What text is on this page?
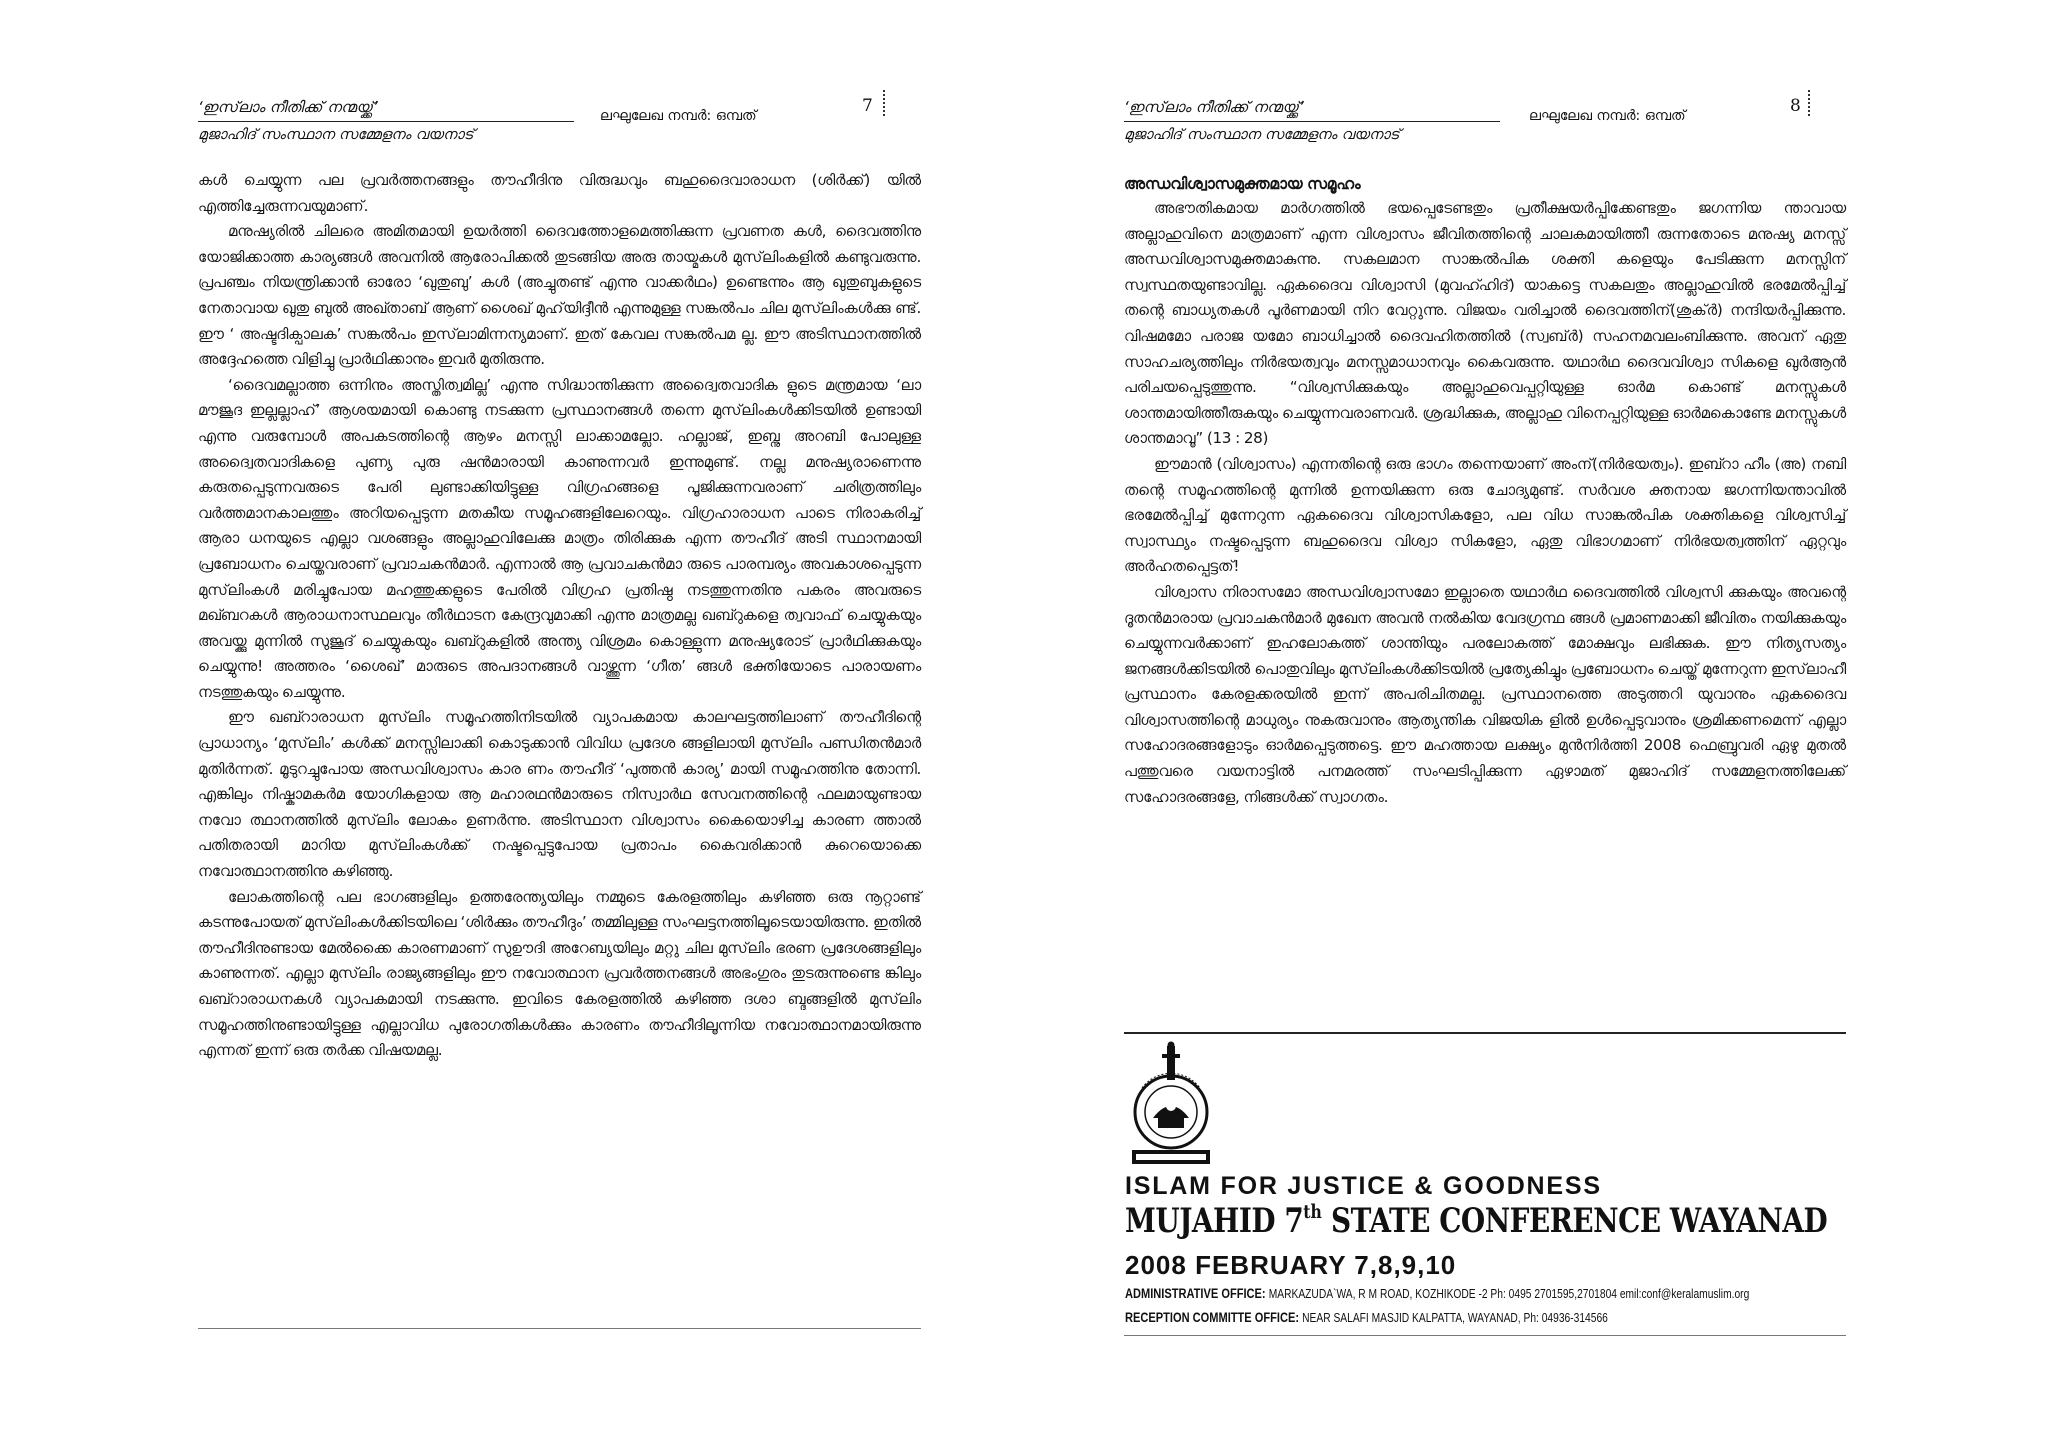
‘ഇസ്‌ലാം നീതിക്ക് നന്മയ്ക്ക്’
മുജാഹിദ് സംസ്ഥാന സമ്മേളനം വയനാട്
ലഘുലേഖ നമ്പർ: ഒമ്പത്	7

കൾ ചെയ്യുന്ന പല പ്രവർത്തനങ്ങളും തൗഹീദിനു വിരുദ്ധവും ബഹുദൈവാരാധന (ശിർക്ക്) യിൽ എത്തിച്ചേരുന്നവയുമാണ്.

മനുഷ്യരിൽ ചിലരെ അമിതമായി ഉയർത്തി ദൈവത്തോളമെത്തിക്കുന്ന പ്രവണത കൾ, ദൈവത്തിനു യോജിക്കാത്ത കാര്യങ്ങൾ അവനിൽ ആരോപിക്കൽ തുടങ്ങിയ അരു തായ്മകൾ മുസ്‌ലിംകളിൽ കണ്ടുവരുന്നു. പ്രപഞ്ചം നിയന്ത്രിക്കാൻ ഓരോ ‘ഖുതുബു’ കൾ (അച്ചുതണ്ട് എന്നു വാക്കർഥം) ഉണ്ടെന്നും ആ ഖുതുബുകളുടെ നേതാവായ ഖുതു ബുൽ അഖ്താബ് ആണ് ശൈഖ് മുഹ്‌യിദ്ദീൻ എന്നുമുള്ള സങ്കൽപം ചില മുസ്‌ലിംകൾക്കു ണ്ട്. ഈ ‘ അഷ്ടദിക്പാലക’ സങ്കൽപം ഇസ്‌ലാമിന്നന്യമാണ്. ഇത് കേവല സങ്കൽപമ ല്ല. ഈ അടിസ്ഥാനത്തിൽ അദ്ദേഹത്തെ വിളിച്ചു പ്രാർഥിക്കാനും ഇവർ മുതിരുന്നു.

‘ദൈവമല്ലാത്ത ഒന്നിനും അസ്തിത്വമില്ല’ എന്നു സിദ്ധാന്തിക്കുന്ന അദ്വൈതവാദിക ളുടെ മന്ത്രമായ ‘ലാ മൗജൂദ ഇല്ലല്ലാഹ്’ ആശയമായി കൊണ്ടു നടക്കുന്ന പ്രസ്ഥാനങ്ങൾ തന്നെ മുസ്‌ലിംകൾക്കിടയിൽ ഉണ്ടായി എന്നു വരുമ്പോൾ അപകടത്തിന്റെ ആഴം മനസ്സി ലാക്കാമല്ലോ. ഹല്ലാജ്, ഇബ്നു അറബി പോലുള്ള അദ്വൈതവാദികളെ പുണ്യ പുരു ഷൻമാരായി കാണുന്നവർ ഇന്നുമുണ്ട്. നല്ല മനുഷ്യരാണെന്നു കരുതപ്പെടുന്നവരുടെ പേരി ലുണ്ടാക്കിയിട്ടുള്ള വിഗ്രഹങ്ങളെ പൂജിക്കുന്നവരാണ് ചരിത്രത്തിലും വർത്തമാനകാലത്തും അറിയപ്പെടുന്ന മതകീയ സമൂഹങ്ങളിലേറെയും. വിഗ്രഹാരാധന പാടെ നിരാകരിച്ച് ആരാ ധനയുടെ എല്ലാ വശങ്ങളും അല്ലാഹുവിലേക്കു മാത്രം തിരിക്കുക എന്ന തൗഹീദ് അടി സ്ഥാനമായി പ്രബോധനം ചെയ്തവരാണ് പ്രവാചകൻമാർ. എന്നാൽ ആ പ്രവാചകൻമാ രുടെ പാരമ്പര്യം അവകാശപ്പെടുന്ന മുസ്‌ലിംകൾ മരിച്ചുപോയ മഹത്തുക്കളുടെ പേരിൽ വിഗ്രഹ പ്രതിഷ്ഠ നടത്തുന്നതിനു പകരം അവരുടെ മഖ്ബറകൾ ആരാധനാസ്ഥലവും തീർഥാടന കേന്ദ്രവുമാക്കി എന്നു മാത്രമല്ല ഖബ്റുകളെ ത്വവാഫ് ചെയ്യുകയും അവയ്ക്കു മുന്നിൽ സുജൂദ് ചെയ്യുകയും ഖബ്റുകളിൽ അന്ത്യ വിശ്രമം കൊള്ളുന്ന മനുഷ്യരോട് പ്രാർഥിക്കുകയും ചെയ്യുന്നു! അത്തരം ‘ശൈഖ്’ മാരുടെ അപദാനങ്ങൾ വാഴ്ത്തുന്ന ‘ഗീത’ ങ്ങൾ ഭക്തിയോടെ പാരായണം നടത്തുകയും ചെയ്യുന്നു.

ഈ ഖബ്റാരാധന മുസ്‌ലിം സമൂഹത്തിനിടയിൽ വ്യാപകമായ കാലഘട്ടത്തിലാണ് തൗഹീദിന്റെ പ്രാധാന്യം ‘മുസ്‌ലിം’ കൾക്ക് മനസ്സിലാക്കി കൊടുക്കാൻ വിവിധ പ്രദേശ ങ്ങളിലായി മുസ്‌ലിം പണ്ഡിതൻമാർ മുതിർന്നത്. മൂടുറച്ചുപോയ അന്ധവിശ്വാസം കാര ണം തൗഹീദ് ‘പുത്തൻ കാര്യ’ മായി സമൂഹത്തിനു തോന്നി. എങ്കിലും നിഷ്കാമകർമ യോഗികളായ ആ മഹാരഥൻമാരുടെ നിസ്വാർഥ സേവനത്തിന്റെ ഫലമായുണ്ടായ നവോ ത്ഥാനത്തിൽ മുസ്‌ലിം ലോകം ഉണർന്നു. അടിസ്ഥാന വിശ്വാസം കൈയൊഴിച്ച കാരണ ത്താൽ പതിതരായി മാറിയ മുസ്‌ലിംകൾക്ക് നഷ്ടപ്പെട്ടുപോയ പ്രതാപം കൈവരിക്കാൻ കുറെയൊക്കെ നവോത്ഥാനത്തിനു കഴിഞ്ഞു.

ലോകത്തിന്റെ പല ഭാഗങ്ങളിലും ഉത്തരേന്ത്യയിലും നമ്മുടെ കേരളത്തിലും കഴിഞ്ഞ ഒരു നൂറ്റാണ്ട് കടന്നുപോയത് മുസ്‌ലിംകൾക്കിടയിലെ ‘ശിർക്കും തൗഹീദും’ തമ്മിലുള്ള സംഘട്ടനത്തിലൂടെയായിരുന്നു. ഇതിൽ തൗഹീദിനുണ്ടായ മേൽക്കൈ കാരണമാണ് സുഊദി അറേബ്യയിലും മറ്റു ചില മുസ്‌ലിം ഭരണ പ്രദേശങ്ങളിലും കാണുന്നത്. എല്ലാ മുസ്‌ലിം രാജ്യങ്ങളിലും ഈ നവോത്ഥാന പ്രവർത്തനങ്ങൾ അഭംഗുരം തുടരുന്നുണ്ടെ ങ്കിലും ഖബ്റാരാധനകൾ വ്യാപകമായി നടക്കുന്നു. ഇവിടെ കേരളത്തിൽ കഴിഞ്ഞ ദശാ ബ്ദങ്ങളിൽ മുസ്‌ലിം സമൂഹത്തിനുണ്ടായിട്ടുള്ള എല്ലാവിധ പുരോഗതികൾക്കും കാരണം തൗഹീദിലൂന്നിയ നവോത്ഥാനമായിരുന്നു എന്നത് ഇന്ന് ഒരു തർക്ക വിഷയമല്ല.

‘ഇസ്‌ലാം നീതിക്ക് നന്മയ്ക്ക്’
മുജാഹിദ് സംസ്ഥാന സമ്മേളനം വയനാട്
ലഘുലേഖ നമ്പർ: ഒമ്പത്	8
അന്ധവിശ്വാസമുക്തമായ സമൂഹം

അഭൗതികമായ മാർഗത്തിൽ ഭയപ്പെടേണ്ടതും പ്രതീക്ഷയർപ്പിക്കേണ്ടതും ജഗന്നിയ ന്താവായ അല്ലാഹുവിനെ മാത്രമാണ് എന്ന വിശ്വാസം ജീവിതത്തിന്റെ ചാലകമായിത്തീ രുന്നതോടെ മനുഷ്യ മനസ്സ് അന്ധവിശ്വാസമുക്തമാകുന്നു. സകലമാന സാങ്കൽപിക ശക്തി കളെയും പേടിക്കുന്ന മനസ്സിന് സ്വസ്ഥതയുണ്ടാവില്ല. ഏകദൈവ വിശ്വാസി (മുവഹ്ഹിദ്) യാകട്ടെ സകലതും അല്ലാഹുവിൽ ഭരമേൽപ്പിച്ച് തന്റെ ബാധ്യതകൾ പൂർണമായി നിറ വേറ്റുന്നു. വിജയം വരിച്ചാൽ ദൈവത്തിന്(ശുക്ർ) നന്ദിയർപ്പിക്കുന്നു. വിഷമമോ പരാജ യമോ ബാധിച്ചാൽ ദൈവഹിതത്തിൽ (സ്വബ്ർ) സഹനമവലംബിക്കുന്നു. അവന് ഏതു സാഹചര്യത്തിലും നിർഭയത്വവും മനസ്സമാധാനവും കൈവരുന്നു. യഥാർഥ ദൈവവിശ്വാ സികളെ ഖുർആൻ പരിചയപ്പെടുത്തുന്നു. “വിശ്വസിക്കുകയും അല്ലാഹുവെപ്പറ്റിയുള്ള ഓർമ കൊണ്ട് മനസ്സുകൾ ശാന്തമായിത്തീരുകയും ചെയ്യുന്നവരാണവർ. ശ്രദ്ധിക്കുക, അല്ലാഹു വിനെപ്പറ്റിയുള്ള ഓർമകൊണ്ടേ മനസ്സുകൾ ശാന്തമാവൂ” (13 : 28)

ഈമാൻ (വിശ്വാസം) എന്നതിന്റെ ഒരു ഭാഗം തന്നെയാണ് അംന്(നിർഭയത്വം). ഇബ്റാ ഹീം (അ) നബി തന്റെ സമൂഹത്തിന്റെ മുന്നിൽ ഉന്നയിക്കുന്ന ഒരു ചോദ്യമുണ്ട്. സർവശ ക്തനായ ജഗന്നിയന്താവിൽ ഭരമേൽപ്പിച്ച് മുന്നേറുന്ന ഏകദൈവ വിശ്വാസികളോ, പല വിധ സാങ്കൽപിക ശക്തികളെ വിശ്വസിച്ച് സ്വാസ്ഥ്യം നഷ്ടപ്പെടുന്ന ബഹുദൈവ വിശ്വാ സികളോ, ഏതു വിഭാഗമാണ് നിർഭയത്വത്തിന് ഏറ്റവും അർഹതപ്പെട്ടത്!

വിശ്വാസ നിരാസമോ അന്ധവിശ്വാസമോ ഇല്ലാതെ യഥാർഥ ദൈവത്തിൽ വിശ്വസി ക്കുകയും അവന്റെ ദൂതൻമാരായ പ്രവാചകൻമാർ മുഖേന അവൻ നൽകിയ വേദഗ്രന്ഥ ങ്ങൾ പ്രമാണമാക്കി ജീവിതം നയിക്കുകയും ചെയ്യുന്നവർക്കാണ് ഇഹലോകത്ത് ശാന്തിയും പരലോകത്ത് മോക്ഷവും ലഭിക്കുക. ഈ നിത്യസത്യം ജനങ്ങൾക്കിടയിൽ പൊതുവിലും മുസ്‌ലിംകൾക്കിടയിൽ പ്രത്യേകിച്ചും പ്രബോധനം ചെയ്ത് മുന്നേറുന്ന ഇസ്‌ലാഹീ പ്രസ്ഥാനം കേരളക്കരയിൽ ഇന്ന് അപരിചിതമല്ല. പ്രസ്ഥാനത്തെ അടുത്തറി യുവാനും ഏകദൈവ വിശ്വാസത്തിന്റെ മാധുര്യം നുകരുവാനും ആത്യന്തിക വിജയിക ളിൽ ഉൾപ്പെടുവാനും ശ്രമിക്കണമെന്ന് എല്ലാ സഹോദരങ്ങളോടും ഓർമപ്പെടുത്തട്ടെ. ഈ മഹത്തായ ലക്ഷ്യം മുൻനിർത്തി 2008 ഫെബ്രുവരി ഏഴു മുതൽ പത്തുവരെ വയനാട്ടിൽ പനമരത്ത് സംഘടിപ്പിക്കുന്ന ഏഴാമത് മുജാഹിദ് സമ്മേളനത്തിലേക്ക് സഹോദരങ്ങളേ, നിങ്ങൾക്ക് സ്വാഗതം.

ISLAM FOR JUSTICE & GOODNESS
MUJAHID 7th STATE CONFERENCE WAYANAD
2008 FEBRUARY 7,8,9,10
ADMINISTRATIVE OFFICE: MARKAZUDA`WA, R M ROAD, KOZHIKODE -2 Ph: 0495 2701595,2701804 emil:conf@keralamuslim.org
RECEPTION COMMITTE OFFICE: NEAR SALAFI MASJID KALPATTA, WAYANAD, Ph: 04936-314566
